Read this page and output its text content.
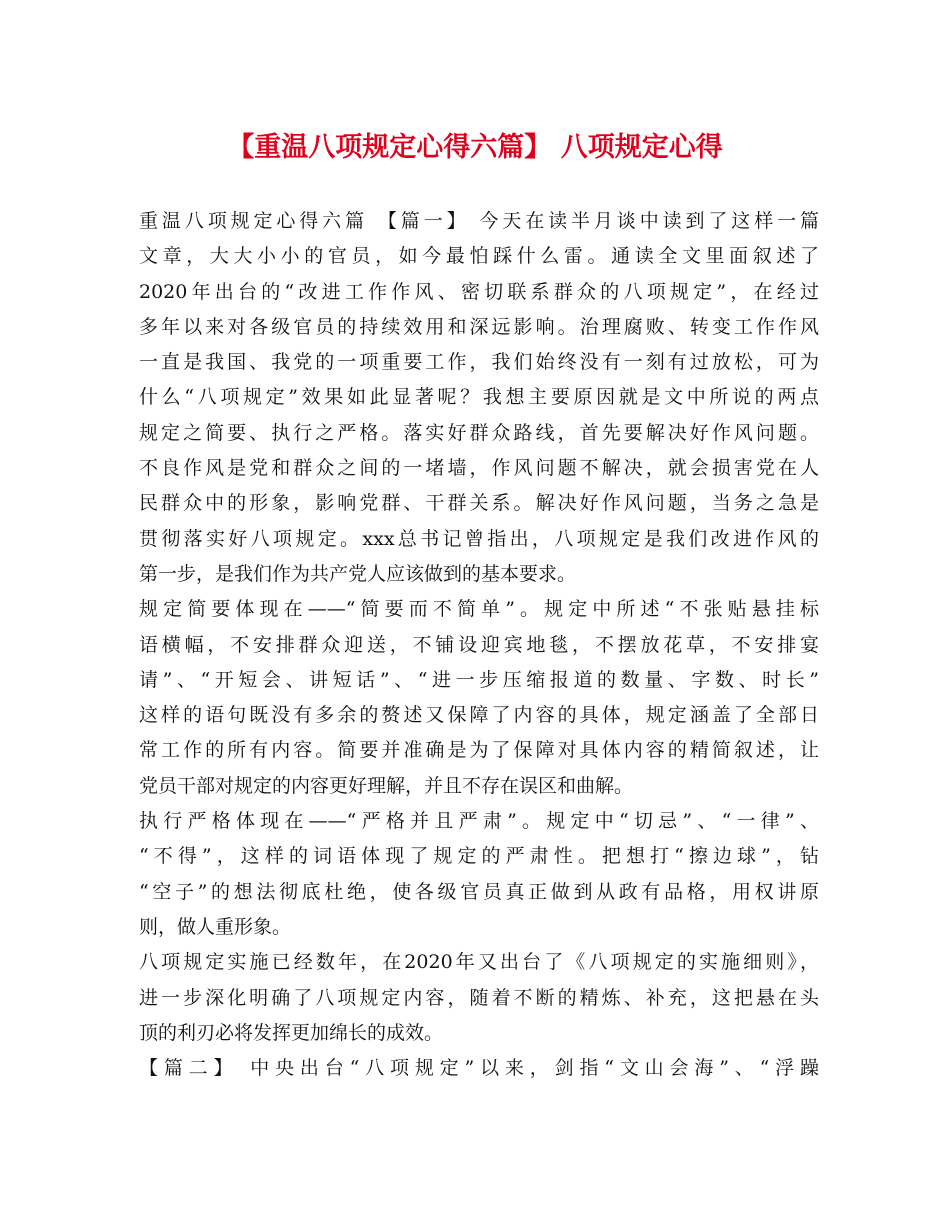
【重温八项规定心得六篇】 八项规定心得
重温八项规定心得六篇 【篇一】 今天在读半月谈中读到了这样一篇
文章，大大小小的官员，如今最怕踩什么雷。通读全文里面叙述了
2020年出台的“改进工作作风、密切联系群众的八项规定”，在经过
多年以来对各级官员的持续效用和深远影响。治理腐败、转变工作作风
一直是我国、我党的一项重要工作，我们始终没有一刻有过放松，可为
什么“八项规定”效果如此显著呢？我想主要原因就是文中所说的两点
规定之简要、执行之严格。落实好群众路线，首先要解决好作风问题。
不良作风是党和群众之间的一堵墙，作风问题不解决，就会损害党在人
民群众中的形象，影响党群、干群关系。解决好作风问题，当务之急是
贯彻落实好八项规定。xxx总书记曾指出，八项规定是我们改进作风的
第一步，是我们作为共产党人应该做到的基本要求。
规定简要体现在——“简要而不简单”。规定中所述“不张贴悬挂标
语横幅，不安排群众迎送，不铺设迎宾地毯，不摆放花草，不安排宴
请”、“开短会、讲短话”、“进一步压缩报道的数量、字数、时长”
这样的语句既没有多余的赘述又保障了内容的具体，规定涵盖了全部日
常工作的所有内容。简要并准确是为了保障对具体内容的精简叙述，让
党员干部对规定的内容更好理解，并且不存在误区和曲解。
执行严格体现在——“严格并且严肃”。规定中“切忌”、“一律”、
“不得”，这样的词语体现了规定的严肃性。把想打“擦边球”，钻
“空子”的想法彻底杜绝，使各级官员真正做到从政有品格，用权讲原
则，做人重形象。
八项规定实施已经数年，在2020年又出台了《八项规定的实施细则》，
进一步深化明确了八项规定内容，随着不断的精炼、补充，这把悬在头
顶的利刃必将发挥更加绵长的成效。
【篇二】 中央出台“八项规定”以来，剑指“文山会海”、“浮躁
